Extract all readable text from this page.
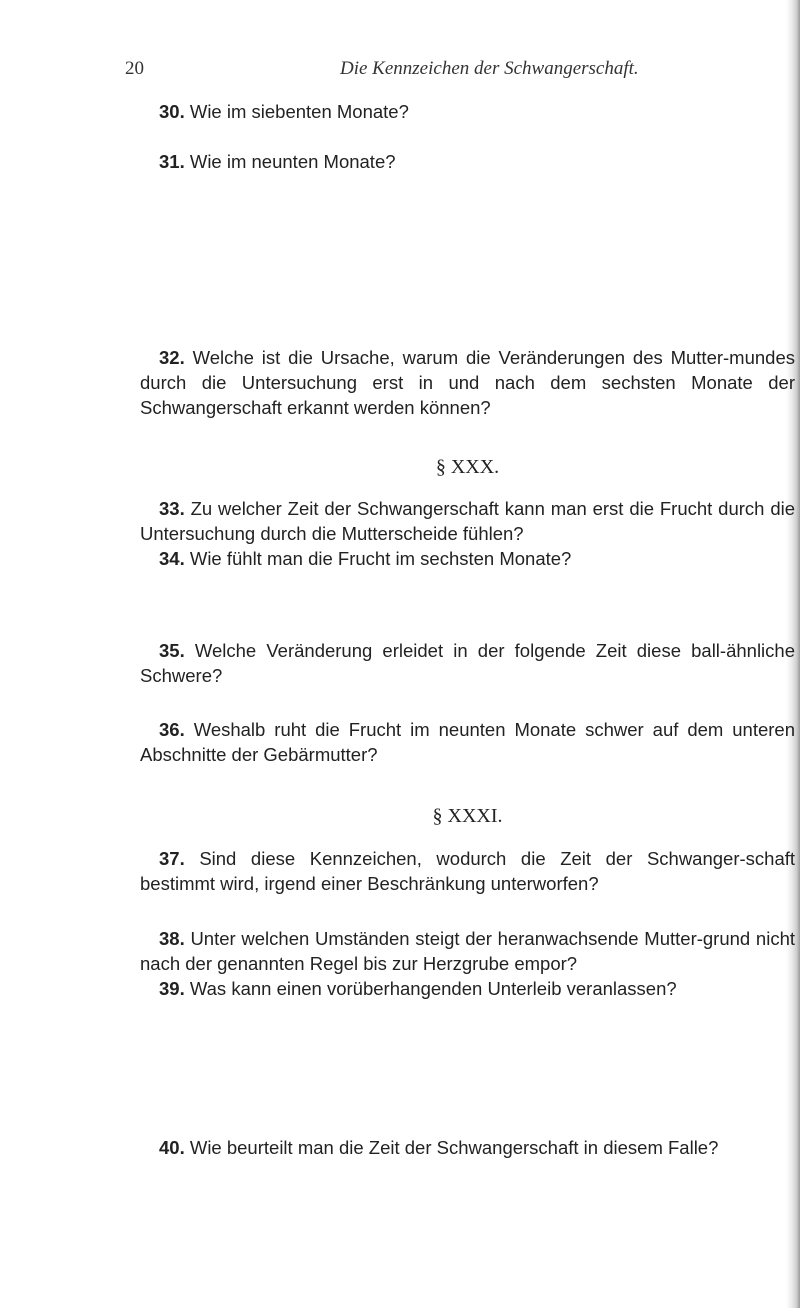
20	Die Kennzeichen der Schwangerschaft.

30. Wie im siebenten Monate?

31. Wie im neunten Monate?

32. Welche ist die Ursache, warum die Veränderungen des Mutter-mundes durch die Untersuchung erst in und nach dem sechsten Monate der Schwangerschaft erkannt werden können?

§ XXX.

33. Zu welcher Zeit der Schwangerschaft kann man erst die Frucht durch die Untersuchung durch die Mutterscheide fühlen?

34. Wie fühlt man die Frucht im sechsten Monate?

35. Welche Veränderung erleidet in der folgende Zeit diese ball-ähnliche Schwere?

36. Weshalb ruht die Frucht im neunten Monate schwer auf dem unteren Abschnitte der Gebärmutter?

§ XXXI.

37. Sind diese Kennzeichen, wodurch die Zeit der Schwanger-schaft bestimmt wird, irgend einer Beschränkung unterworfen?

38. Unter welchen Umständen steigt der heranwachsende Mutter-grund nicht nach der genannten Regel bis zur Herzgrube empor?

39. Was kann einen vorüberhangenden Unterleib veranlassen?

40. Wie beurteilt man die Zeit der Schwangerschaft in diesem Falle?
